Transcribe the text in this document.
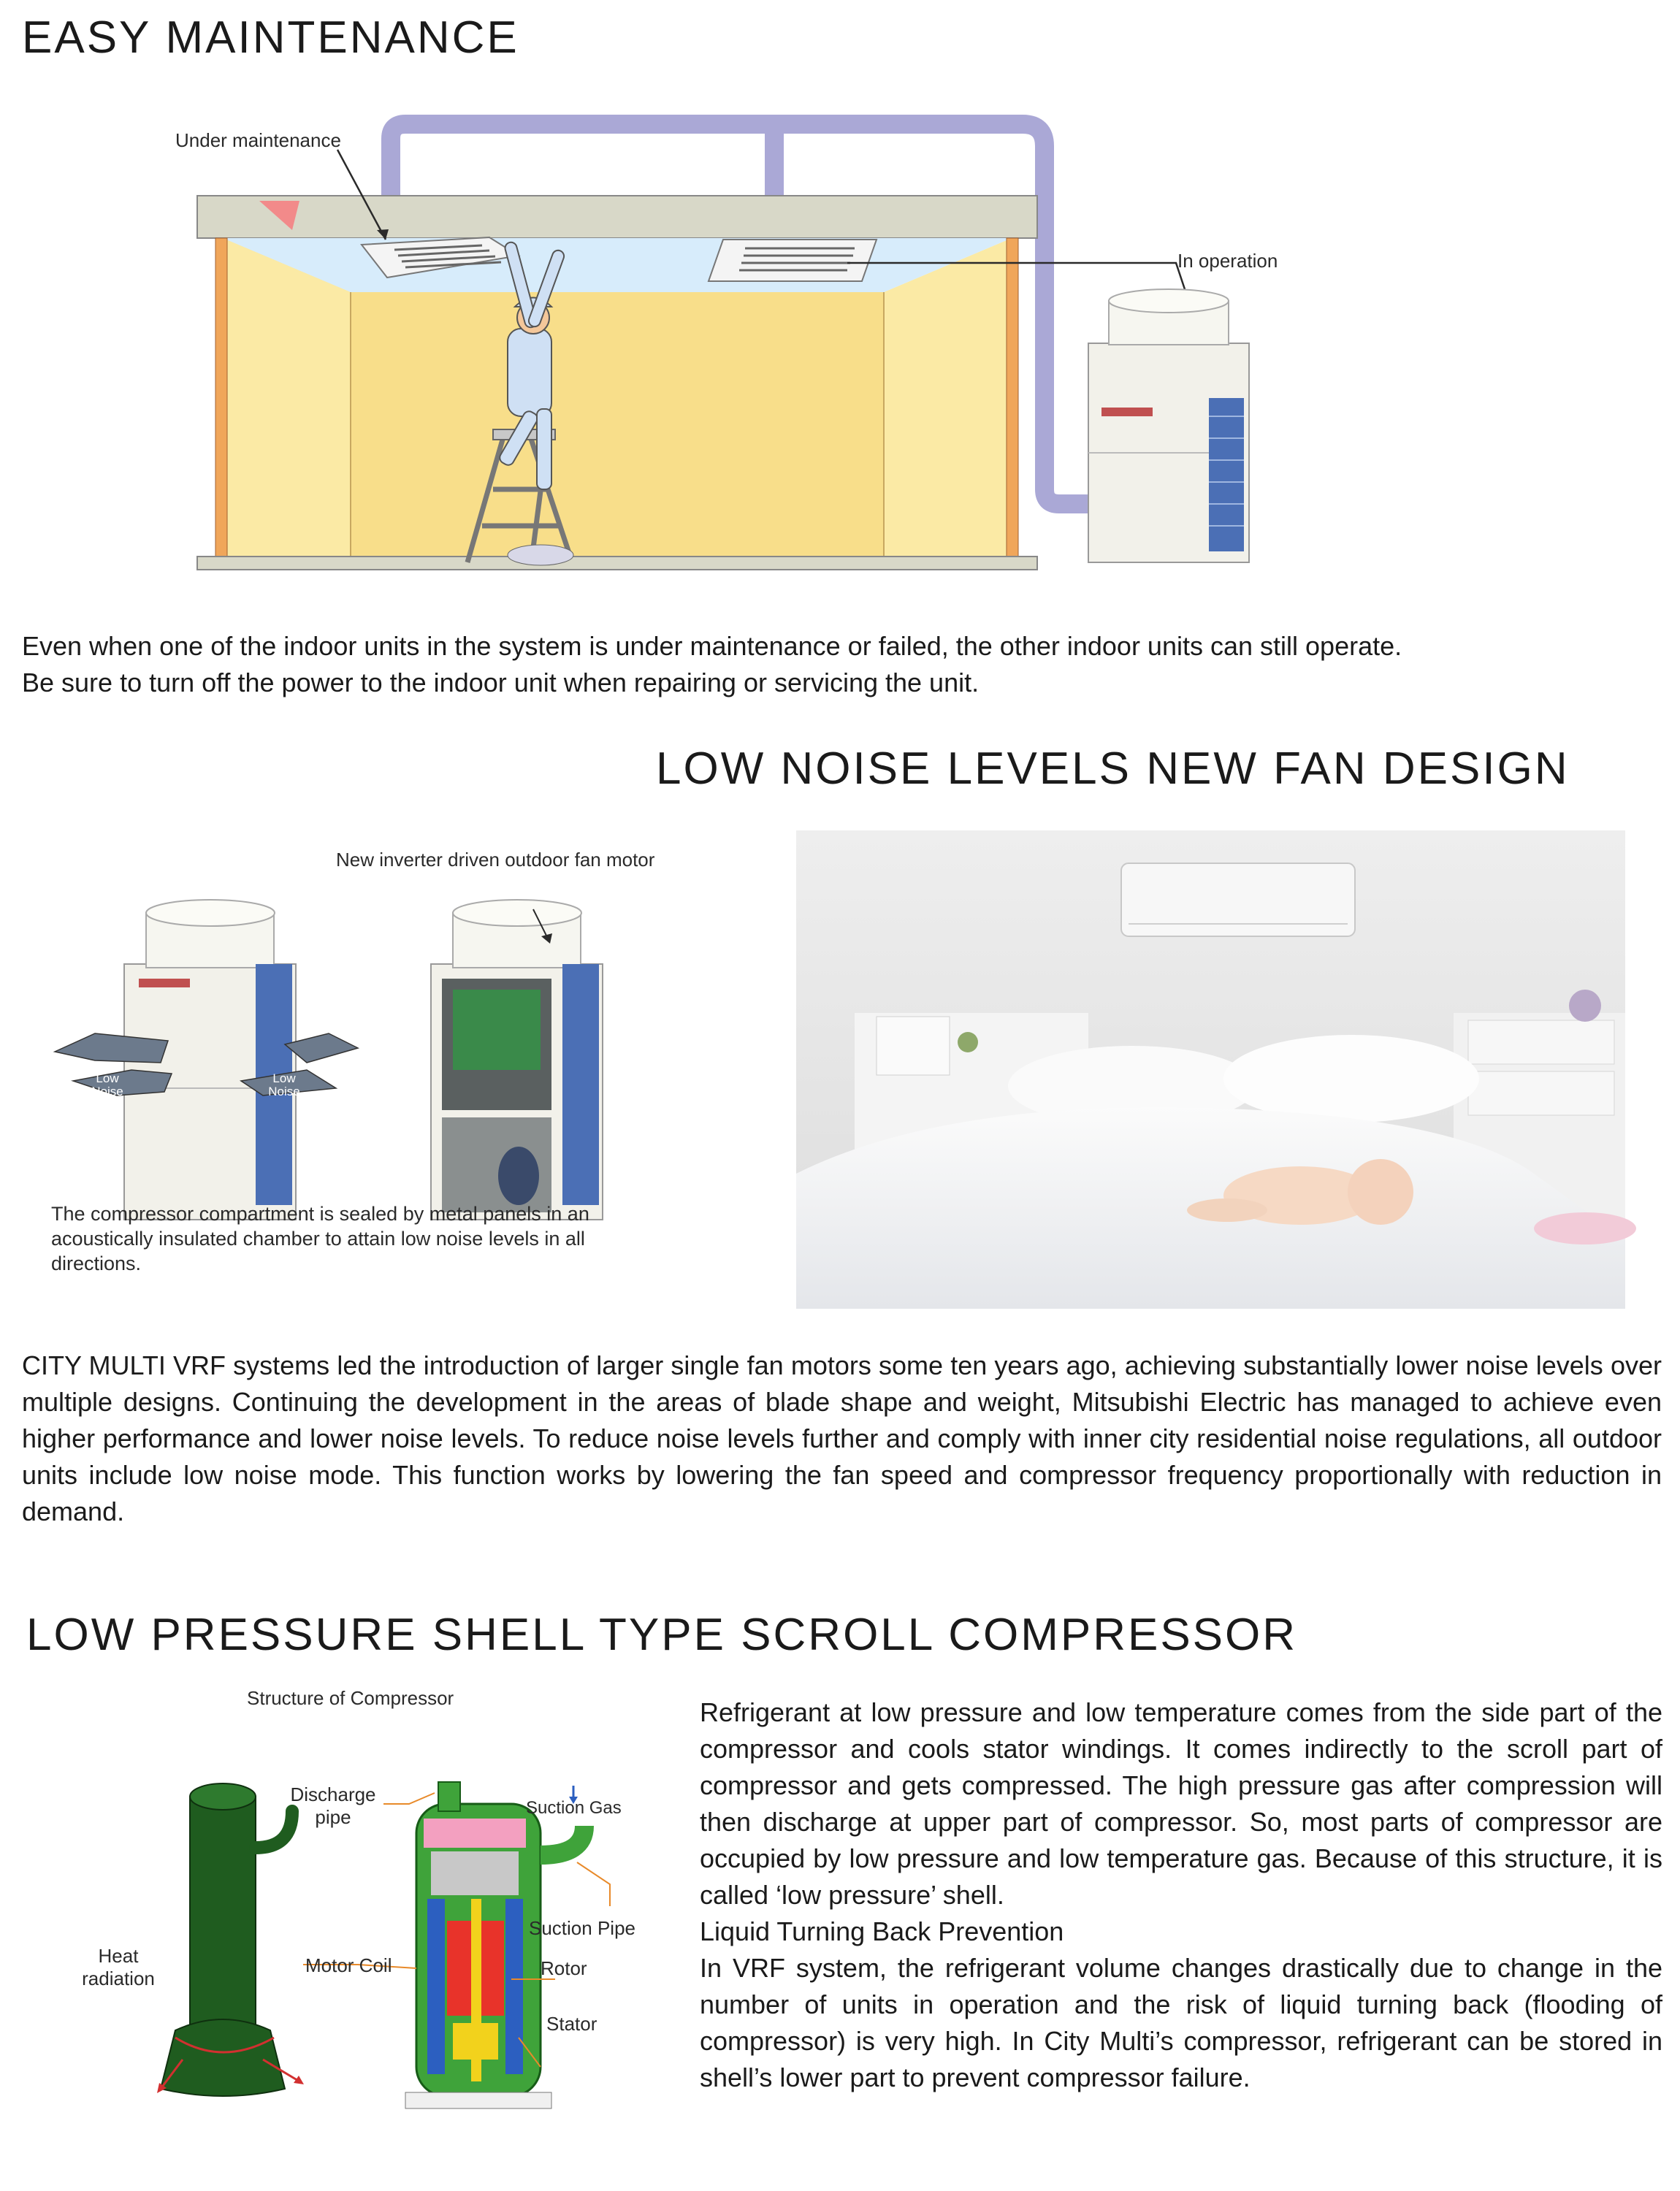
EASY MAINTENANCE
Under maintenance
In operation

Even when one of the indoor units in the system is under maintenance or failed, the other indoor units can still operate.

Be sure to turn off the power to the indoor unit when repairing or servicing the unit.

LOW NOISE LEVELS NEW FAN DESIGN
New inverter driven outdoor fan motor
Low Noise
Low Noise
The compressor compartment is sealed by metal panels in an acoustically insulated chamber to attain low noise levels in all directions.

CITY MULTI VRF systems led the introduction of larger single fan motors some ten years ago, achieving substantially lower noise levels over multiple designs. Continuing the development in the areas of blade shape and weight, Mitsubishi Electric has managed to achieve even higher performance and lower noise levels. To reduce noise levels further and comply with inner city residential noise regulations, all outdoor units include low noise mode. This function works by lowering the fan speed and compressor frequency proportionally with reduction in demand.

LOW PRESSURE SHELL TYPE SCROLL COMPRESSOR
Structure of Compressor
Discharge pipe	Suction Gas
Suction Pipe
Heat radiation
Motor Coil	Rotor
Stator

Refrigerant at low pressure and low temperature comes from the side part of the compressor and cools stator windings. It comes indirectly to the scroll part of compressor and gets compressed. The high pressure gas after compression will then discharge at upper part of compressor. So, most parts of compressor are occupied by low pressure and low temperature gas. Because of this structure, it is called ‘low pressure’ shell.

Liquid Turning Back Prevention

In VRF system, the refrigerant volume changes drastically due to change in the number of units in operation and the risk of liquid turning back (flooding of compressor) is very high. In City Multi’s compressor, refrigerant can be stored in shell’s lower part to prevent compressor failure.
